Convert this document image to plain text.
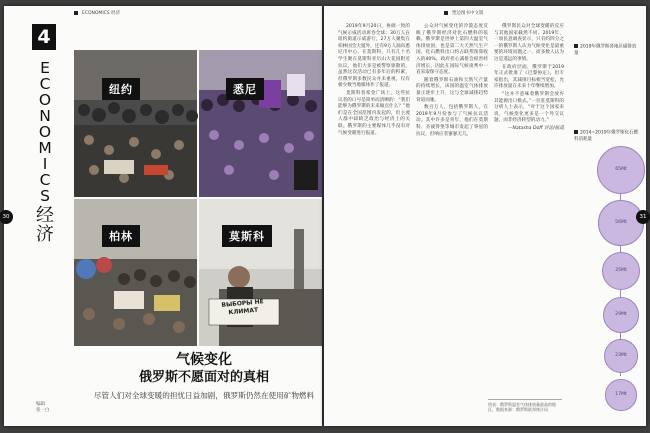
ECONOMICS 经济
4
E
C
O
N
O
M
I
C
S
经
济
ВЫБОРЫ НЕ КЛИМАТ
纽约	悉尼
柏林	莫斯科
气候变化
俄罗斯不愿面对的真相
尽管人们对全球变暖的担忧日益加剧，俄罗斯仍然在使用矿物燃料
编辑
张一白
30
塑边图书中文版

2019年9月20日，协调一致的气候示威活动席卷全球：30万人在纽约街道示威游行，27万人聚集在柏林国会大厦外，还有9万人涌向悉尼市中心。在莫斯科，只有几十名学生聚在莫斯科亚历山大花园附近抗议，他们大多是被警察驱散的。虽然这次活动已有多年后的积累，但俄罗斯多数民众并未重视，仅有极少数当地媒体作了报道。

莫斯科普希金广场上，这些抗议者的口号是简单而清晰的：“我们能够为俄罗斯的未来做点什么？”他们是在全国范围内发起的，但主流人群中却缺乏政治与经济上的关联。俄罗斯的主要媒体几乎没有对气候变暖进行报道。

公众对气候变化的冷漠态度反映了俄罗斯经济对化石燃料的依赖。俄罗斯是世界上第四大温室气体排放国，也是第二大天然气生产国，化石燃料出口约占联邦预算收入的40%。政府担心减排会损害经济增长，因此在国际气候谈判中一直采取保守态度。

随着俄罗斯石油和天然气产量的持续增长，该国的温室气体排放量正逐步上升，这与全球减排趋势背道而驰。

数百万人，包括俄罗斯人，在2019年9月份参与了气候抗议活动。其中许多是青年，他们在莫斯科、圣彼得堡等城市发起了零星的抗议，但响应者寥寥无几。

俄罗斯民众对全球变暖的反应与其他国家截然不同。2019年，一项民意调查显示，只有约四分之一的俄罗斯人认为气候变化是最重要的环境问题之一，而多数人认为这是遥远的事情。

在政府层面，俄罗斯于2019年正式批准了《巴黎协定》，但专家指出，其减排目标相当宽松，允许排放量在未来十年继续增加。

“这并不意味着俄罗斯会放弃其能源出口模式。”一位驻莫斯科的分析人士表示，“对于这个国家来说，气候变化更多是一个外交议题，而非经济转型的动力。”

—Natasha Doff 评论/报道

图表：俄罗斯温室气体排放量最高的地区，数据来源：俄罗斯联邦统计局
2019年俄罗斯各地区碳排放量
2014~2019年俄罗斯化石燃料消耗量
65Mt
56Mt
35Mt
29Mt
23Mt
17Mt
31
